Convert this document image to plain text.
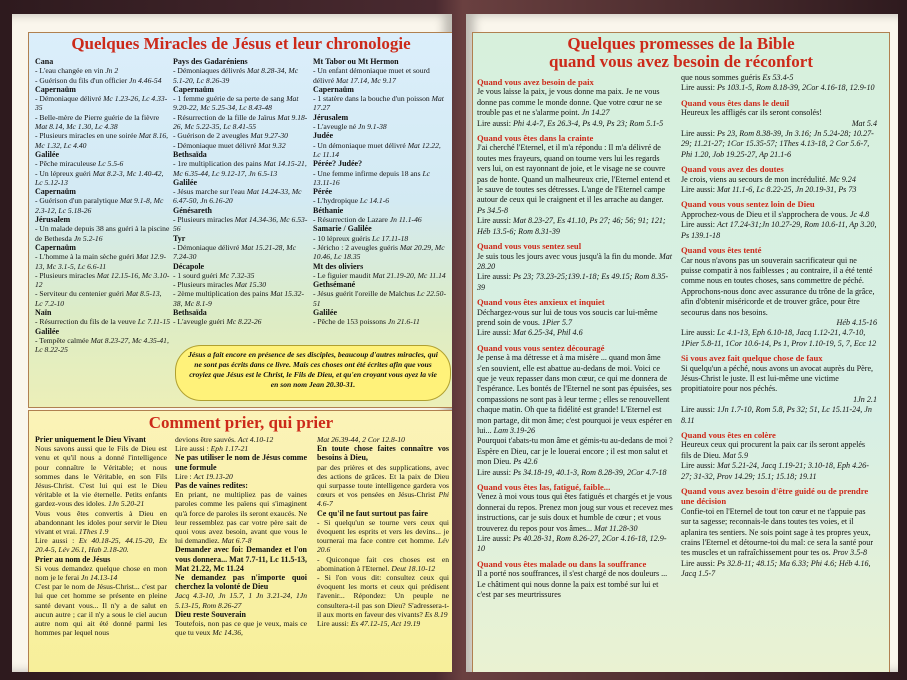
Quelques Miracles de Jésus et leur chronologie
Cana
- L'eau changée en vin Jn 2
- Guérison du fils d'un officier Jn 4.46-54

Capernaüm
- Démoniaque délivré Mc 1.23-26, Lc 4.33-35
- Belle-mère de Pierre guérie de la fièvre Mat 8.14, Mc 1.30, Lc 4.38
- Plusieurs miracles en une soirée Mat 8.16, Mc 1.32, Lc 4.40

Galilée
- Pêche miraculeuse Lc 5.5-6
- Un lépreux guéri Mat 8.2-3, Mc 1.40-42, Lc 5.12-13

Capernaüm
- Guérison d'un paralytique Mat 9.1-8, Mc 2.3-12, Lc 5.18-26

Jérusalem
- Un malade depuis 38 ans guéri à la piscine de Bethesda Jn 5.2-16

Capernaüm
- L'homme à la main sèche guéri Mat 12.9-13, Mc 3.1-5, Lc 6.6-11
- Plusieurs miracles Mat 12.15-16, Mc 3.10-12
- Serviteur du centenier guéri Mat 8.5-13, Lc 7.2-10

Naïn
- Résurrection du fils de la veuve Lc 7.11-15

Galilée
- Tempête calmée Mat 8.23-27, Mc 4.35-41, Lc 8.22-25

Pays des Gadaréniens
- Démoniaques délivrés Mat 8.28-34, Mc 5.1-20, Lc 8.26-39

Capernaüm
- 1 femme guérie de sa perte de sang Mat 9.20-22, Mc 5.25-34, Lc 8.43-48
- Résurrection de la fille de Jaïrus Mat 9.18-26, Mc 5.22-35, Lc 8.41-55
- Guérison de 2 aveugles Mat 9.27-30
- Démoniaque muet délivré Mat 9.32

Bethsaïda
- 1re multiplication des pains Mat 14.15-21, Mc 6.35-44, Lc 9.12-17, Jn 6.5-13

Galilée
- Jésus marche sur l'eau Mat 14.24-33, Mc 6.47-50, Jn 6.16-20

Génésareth
- Plusieurs miracles Mat 14.34-36, Mc 6.53-56

Tyr
- Démoniaque délivré Mat 15.21-28, Mc 7.24-30

Décapole
- 1 sourd guéri Mc 7.32-35
- Plusieurs miracles Mat 15.30
- 2ème multiplication des pains Mat 15.32-38, Mc 8.1-9

Bethsaïda
- L'aveugle guéri Mc 8.22-26

Mt Tabor ou Mt Hermon
- Un enfant démoniaque muet et sourd délivré Mat 17.14, Mc 9.17

Capernaüm
- 1 statère dans la bouche d'un poisson Mat 17.27

Jérusalem
- L'aveugle né Jn 9.1-38

Judée
- Un démoniaque muet délivré Mat 12.22, Lc 11.14

Pérée? Judée?
- Une femme infirme depuis 18 ans Lc 13.11-16

Pérée
- L'hydropique Lc 14.1-6

Béthanie
- Résurrection de Lazare Jn 11.1-46

Samarie / Galilée
- 10 lépreux guéris Lc 17.11-18
- Jéricho : 2 aveugles guéris Mat 20.29, Mc 10.46, Lc 18.35

Mt des oliviers
- Le figuier maudit Mat 21.19-20, Mc 11.14

Gethsémané
- Jésus guérit l'oreille de Malchus Lc 22.50-51

Galilée
- Pêche de 153 poissons Jn 21.6-11

Jésus a fait encore en présence de ses disciples, beaucoup d'autres miracles, qui ne sont pas écrits dans ce livre. Mais ces choses ont été écrites afin que vous croyiez que Jésus est le Christ, le Fils de Dieu, et qu'en croyant vous ayez la vie en son nom Jean 20.30-31.
Comment prier, qui prier
Prier uniquement le Dieu Vivant
Nous savons aussi que le Fils de Dieu est venu et qu'il nous a donné l'intelligence pour connaître le Véritable; et nous sommes dans le Véritable, en son Fils Jésus-Christ. C'est lui qui est le Dieu véritable et la vie éternelle. Petits enfants gardez-vous des idoles. 1Jn 5.20-21
Vous vous êtes convertis à Dieu en abandonnant les idoles pour servir le Dieu vivant et vrai. 1Thes 1.9
Lire aussi : Ex 40.18-25, 44.15-20, Ex 20.4-5, Lév 26.1, Hab 2.18-20.

Prier au nom de Jésus
Si vous demandez quelque chose en mon nom je le ferai Jn 14.13-14
C'est par le nom de Jésus-Christ... c'est par lui que cet homme se présente en pleine santé devant vous... Il n'y a de salut en aucun autre ; car il n'y a sous le ciel aucun autre nom qui ait été donné parmi les hommes par lequel nous
devions être sauvés. Act 4.10-12
Lire aussi : Eph 1.17-21

Ne pas utiliser le nom de Jésus comme une formule
Lire : Act 19.13-20

Pas de vaines redites:
En priant, ne multipliez pas de vaines paroles comme les païens qui s'imaginent qu'à force de paroles ils seront exaucés. Ne leur ressemblez pas car votre père sait de quoi vous avez besoin, avant que vous le lui demandiez. Mat 6.7-8

Demander avec foi: Demandez et l'on vous donnera... Mat 7.7-11, Lc 11.5-13, Mat 21.22, Mc 11.24
Ne demandez pas n'importe quoi cherchez la volonté de Dieu
Jacq 4.3-10, Jn 15.7, 1 Jn 3.21-24, 1Jn 5.13-15, Rom 8.26-27

Dieu reste Souverain
Toutefois, non pas ce que je veux, mais ce que tu veux Mc 14.36,

Mat 26.39-44, 2 Cor 12.8-10

En toute chose faites connaître vos besoins à Dieu,
par des prières et des supplications, avec des actions de grâces. Et la paix de Dieu qui surpasse toute intelligence gardera vos cœurs et vos pensées en Jésus-Christ Phi 4.6-7

Ce qu'il ne faut surtout pas faire
- Si quelqu'un se tourne vers ceux qui évoquent les esprits et vers les devins... je tournerai ma face contre cet homme. Lév 20.6
- Quiconque fait ces choses est en abomination à l'Eternel. Deut 18.10-12
- Si l'on vous dit: consultez ceux qui évoquent les morts et ceux qui prédisent l'avenir... Répondez: Un peuple ne consultera-t-il pas son Dieu? S'adressera-t-il aux morts en faveur des vivants? Es 8.19
Lire aussi: Es 47.12-15, Act 19.19

Quelques promesses de la Bible
quand vous avez besoin de réconfort
Quand vous avez besoin de paix
Je vous laisse la paix, je vous donne ma paix. Je ne vous donne pas comme le monde donne. Que votre cœur ne se trouble pas et ne s'alarme point. Jn 14.27
Lire aussi: Phi 4.4-7, Es 26.3-4, Ps 4.9, Ps 23; Rom 5.1-5

Quand vous êtes dans la crainte
J'ai cherché l'Eternel, et il m'a répondu : Il m'a délivré de toutes mes frayeurs, quand on tourne vers lui les regards vers lui, on est rayonnant de joie, et le visage ne se couvre pas de honte. Quand un malheureux crie, l'Eternel entend et le sauve de toutes ses détresses. L'ange de l'Eternel campe autour de ceux qui le craignent et il les arrache au danger. Ps 34.5-8
Lire aussi: Mat 8.23-27, Es 41.10, Ps 27; 46; 56; 91; 121; Héb 13.5-6; Rom 8.31-39

Quand vous vous sentez seul
Je suis tous les jours avec vous jusqu'à la fin du monde. Mat 28.20
Lire aussi: Ps 23; 73.23-25;139.1-18; Es 49.15; Rom 8.35-39

Quand vous êtes anxieux et inquiet
Déchargez-vous sur lui de tous vos soucis car lui-même prend soin de vous. 1Pier 5.7
Lire aussi: Mat 6.25-34, Phil 4.6

Quand vous vous sentez découragé
Je pense à ma détresse et à ma misère ... quand mon âme s'en souvient, elle est abattue au-dedans de moi. Voici ce que je veux repasser dans mon cœur, ce qui me donnera de l'espérance. Les bontés de l'Eternel ne sont pas épuisées, ses compassions ne sont pas à leur terme ; elles se renouvellent chaque matin. Oh que ta fidélité est grande! L'Eternel est mon partage, dit mon âme; c'est pourquoi je veux espérer en lui... Lam 3.19-26
Pourquoi t'abats-tu mon âme et gémis-tu au-dedans de moi ? Espère en Dieu, car je le louerai encore ; il est mon salut et mon Dieu. Ps 42.6
Lire aussi: Ps 34.18-19, 40.1-3, Rom 8.28-39, 2Cor 4.7-18

Quand vous êtes las, fatigué, faible...
Venez à moi vous tous qui êtes fatigués et chargés et je vous donnerai du repos. Prenez mon joug sur vous et recevez mes instructions, car je suis doux et humble de cœur ; et vous trouverez du repos pour vos âmes... Mat 11.28-30
Lire aussi: Ps 40.28-31, Rom 8.26-27, 2Cor 4.16-18, 12.9-10

Quand vous êtes malade ou dans la souffrance
Il a porté nos souffrances, il s'est chargé de nos douleurs ... Le châtiment qui nous donne la paix est tombé sur lui et c'est par ses meurtrissures
que nous sommes guéris Es 53.4-5
Lire aussi: Ps 103.1-5, Rom 8.18-39, 2Cor 4.16-18, 12.9-10

Quand vous êtes dans le deuil
Heureux les affligés car ils seront consolés!
Mat 5.4
Lire aussi: Ps 23, Rom 8.38-39, Jn 3.16; Jn 5.24-28; 10.27-29; 11.21-27; 1Cor 15.35-57; 1Thes 4.13-18, 2 Cor 5.6-7, Phi 1.20, Job 19.25-27, Ap 21.1-6

Quand vous avez des doutes
Je crois, viens au secours de mon incrédulité. Mc 9.24
Lire aussi: Mat 11.1-6, Lc 8.22-25, Jn 20.19-31, Ps 73

Quand vous vous sentez loin de Dieu
Approchez-vous de Dieu et il s'approchera de vous. Jc 4.8
Lire aussi: Act 17.24-31;Jn 10.27-29, Rom 10.6-11, Ap 3.20, Ps 139.1-18

Quand vous êtes tenté
Car nous n'avons pas un souverain sacrificateur qui ne puisse compatir à nos faiblesses ; au contraire, il a été tenté comme nous en toutes choses, sans commettre de péché. Approchons-nous donc avec assurance du trône de la grâce, afin d'obtenir miséricorde et de trouver grâce, pour être secourus dans nos besoins.
Héb 4.15-16
Lire aussi: Lc 4.1-13, Eph 6.10-18, Jacq 1.12-21, 4.7-10, 1Pier 5.8-11, 1Cor 10.6-14, Ps 1, Prov 1.10-19, 5, 7, Ecc 12

Si vous avez fait quelque chose de faux
Si quelqu'un a péché, nous avons un avocat auprès du Père, Jésus-Christ le juste. Il est lui-même une victime propitiatoire pour nos péchés.
1Jn 2.1
Lire aussi: 1Jn 1.7-10, Rom 5.8, Ps 32; 51, Lc 15.11-24, Jn 8.11

Quand vous êtes en colère
Heureux ceux qui procurent la paix car ils seront appelés fils de Dieu. Mat 5.9
Lire aussi: Mat 5.21-24, Jacq 1.19-21; 3.10-18, Eph 4.26-27; 31-32, Prov 14.29; 15.1; 15.18; 19.11

Quand vous avez besoin d'être guidé ou de prendre une décision
Confie-toi en l'Eternel de tout ton cœur et ne t'appuie pas sur ta sagesse; reconnais-le dans toutes tes voies, et il aplanira tes sentiers. Ne sois point sage à tes propres yeux, crains l'Eternel et détourne-toi du mal: ce sera la santé pour tes muscles et un rafraîchissement pour tes os. Prov 3.5-8
Lire aussi: Ps 32.8-11; 48.15; Ma 6.33; Phi 4.6; Héb 4.16, Jacq 1.5-7
